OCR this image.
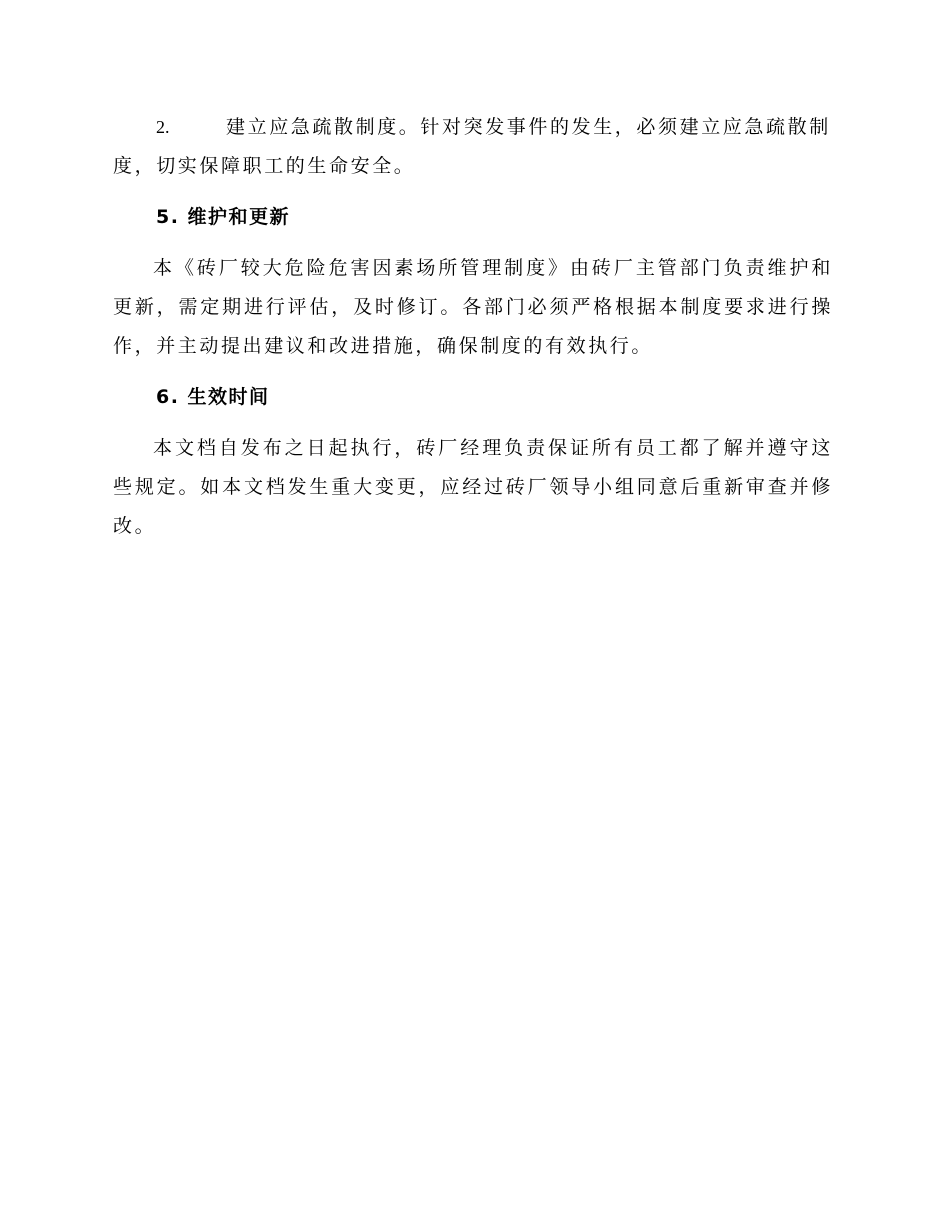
2.	建立应急疏散制度。针对突发事件的发生，必须建立应急疏散制
度，切实保障职工的生命安全。
5. 维护和更新

本《砖厂较大危险危害因素场所管理制度》由砖厂主管部门负责维护和更新，需定期进行评估，及时修订。各部门必须严格根据本制度要求进行操作，并主动提出建议和改进措施，确保制度的有效执行。

6. 生效时间

本文档自发布之日起执行，砖厂经理负责保证所有员工都了解并遵守这些规定。如本文档发生重大变更，应经过砖厂领导小组同意后重新审查并修改。
